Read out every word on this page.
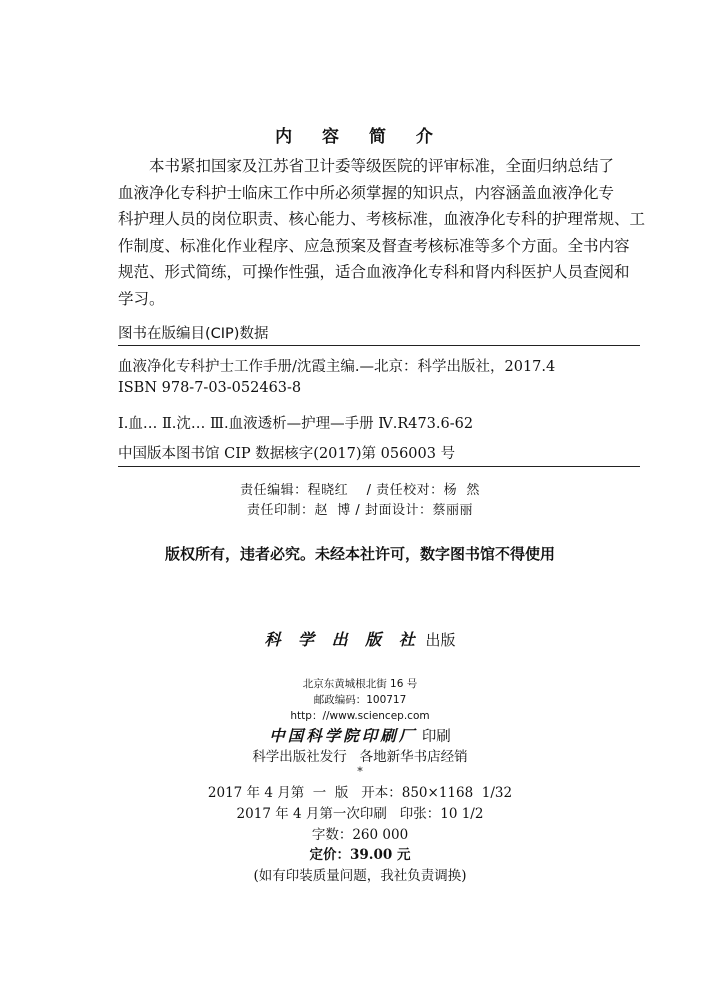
内 容 简 介
本书紧扣国家及江苏省卫计委等级医院的评审标准，全面归纳总结了
血液净化专科护士临床工作中所必须掌握的知识点，内容涵盖血液净化专
科护理人员的岗位职责、核心能力、考核标准，血液净化专科的护理常规、工
作制度、标准化作业程序、应急预案及督查考核标准等多个方面。全书内容
规范、形式简练，可操作性强，适合血液净化专科和肾内科医护人员查阅和
学习。
图书在版编目(CIP)数据
血液净化专科护士工作手册/沈霞主编.—北京：科学出版社，2017.4
ISBN 978-7-03-052463-8
Ⅰ.血… Ⅱ.沈… Ⅲ.血液透析—护理—手册 Ⅳ.R473.6-62
中国版本图书馆 CIP 数据核字(2017)第 056003 号
责任编辑：程晓红    / 责任校对：杨  然
责任印制：赵  博 / 封面设计：蔡丽丽
版权所有，违者必究。未经本社许可，数字图书馆不得使用
科 学 出 版 社 出版
北京东黄城根北街 16 号
邮政编码：100717
http：//www.sciencep.com
中国科学院印刷厂 印刷
科学出版社发行   各地新华书店经销
*
2017 年 4 月第  一  版   开本：850×1168  1/32
2017 年 4 月第一次印刷   印张：10 1/2
字数：260 000
定价：39.00 元
(如有印装质量问题，我社负责调换)
